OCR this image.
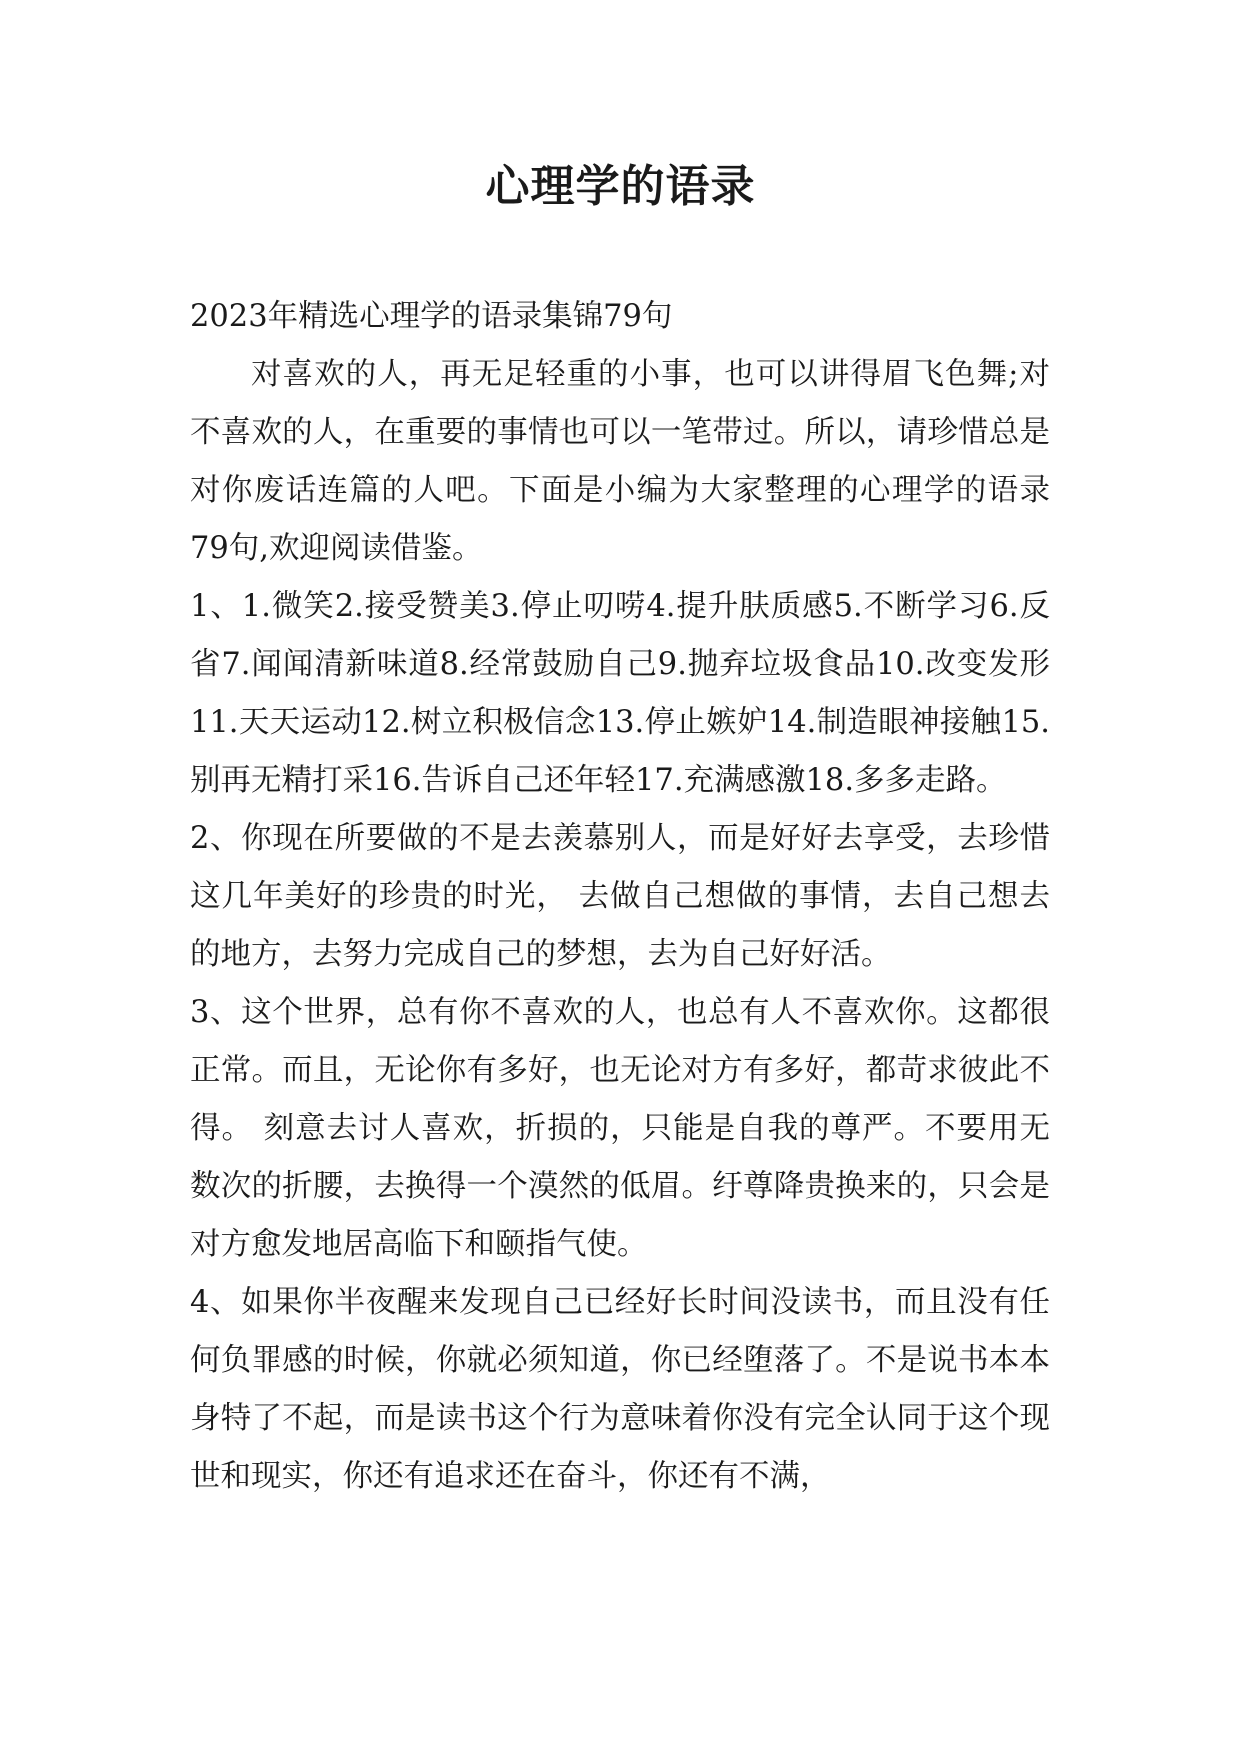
心理学的语录

2023年精选心理学的语录集锦79句

对喜欢的人，再无足轻重的小事，也可以讲得眉飞色舞;对不喜欢的人，在重要的事情也可以一笔带过。所以，请珍惜总是对你废话连篇的人吧。下面是小编为大家整理的心理学的语录79句,欢迎阅读借鉴。

1、1.微笑2.接受赞美3.停止叨唠4.提升肤质感5.不断学习6.反省7.闻闻清新味道8.经常鼓励自己9.抛弃垃圾食品10.改变发形11.天天运动12.树立积极信念13.停止嫉妒14.制造眼神接触15.别再无精打采16.告诉自己还年轻17.充满感激18.多多走路。

2、你现在所要做的不是去羡慕别人，而是好好去享受，去珍惜这几年美好的珍贵的时光， 去做自己想做的事情，去自己想去的地方，去努力完成自己的梦想，去为自己好好活。

3、这个世界，总有你不喜欢的人，也总有人不喜欢你。这都很正常。而且，无论你有多好，也无论对方有多好，都苛求彼此不得。 刻意去讨人喜欢，折损的，只能是自我的尊严。不要用无数次的折腰，去换得一个漠然的低眉。纡尊降贵换来的，只会是对方愈发地居高临下和颐指气使。

4、如果你半夜醒来发现自己已经好长时间没读书，而且没有任何负罪感的时候，你就必须知道，你已经堕落了。不是说书本本身特了不起，而是读书这个行为意味着你没有完全认同于这个现世和现实，你还有追求还在奋斗，你还有不满，
